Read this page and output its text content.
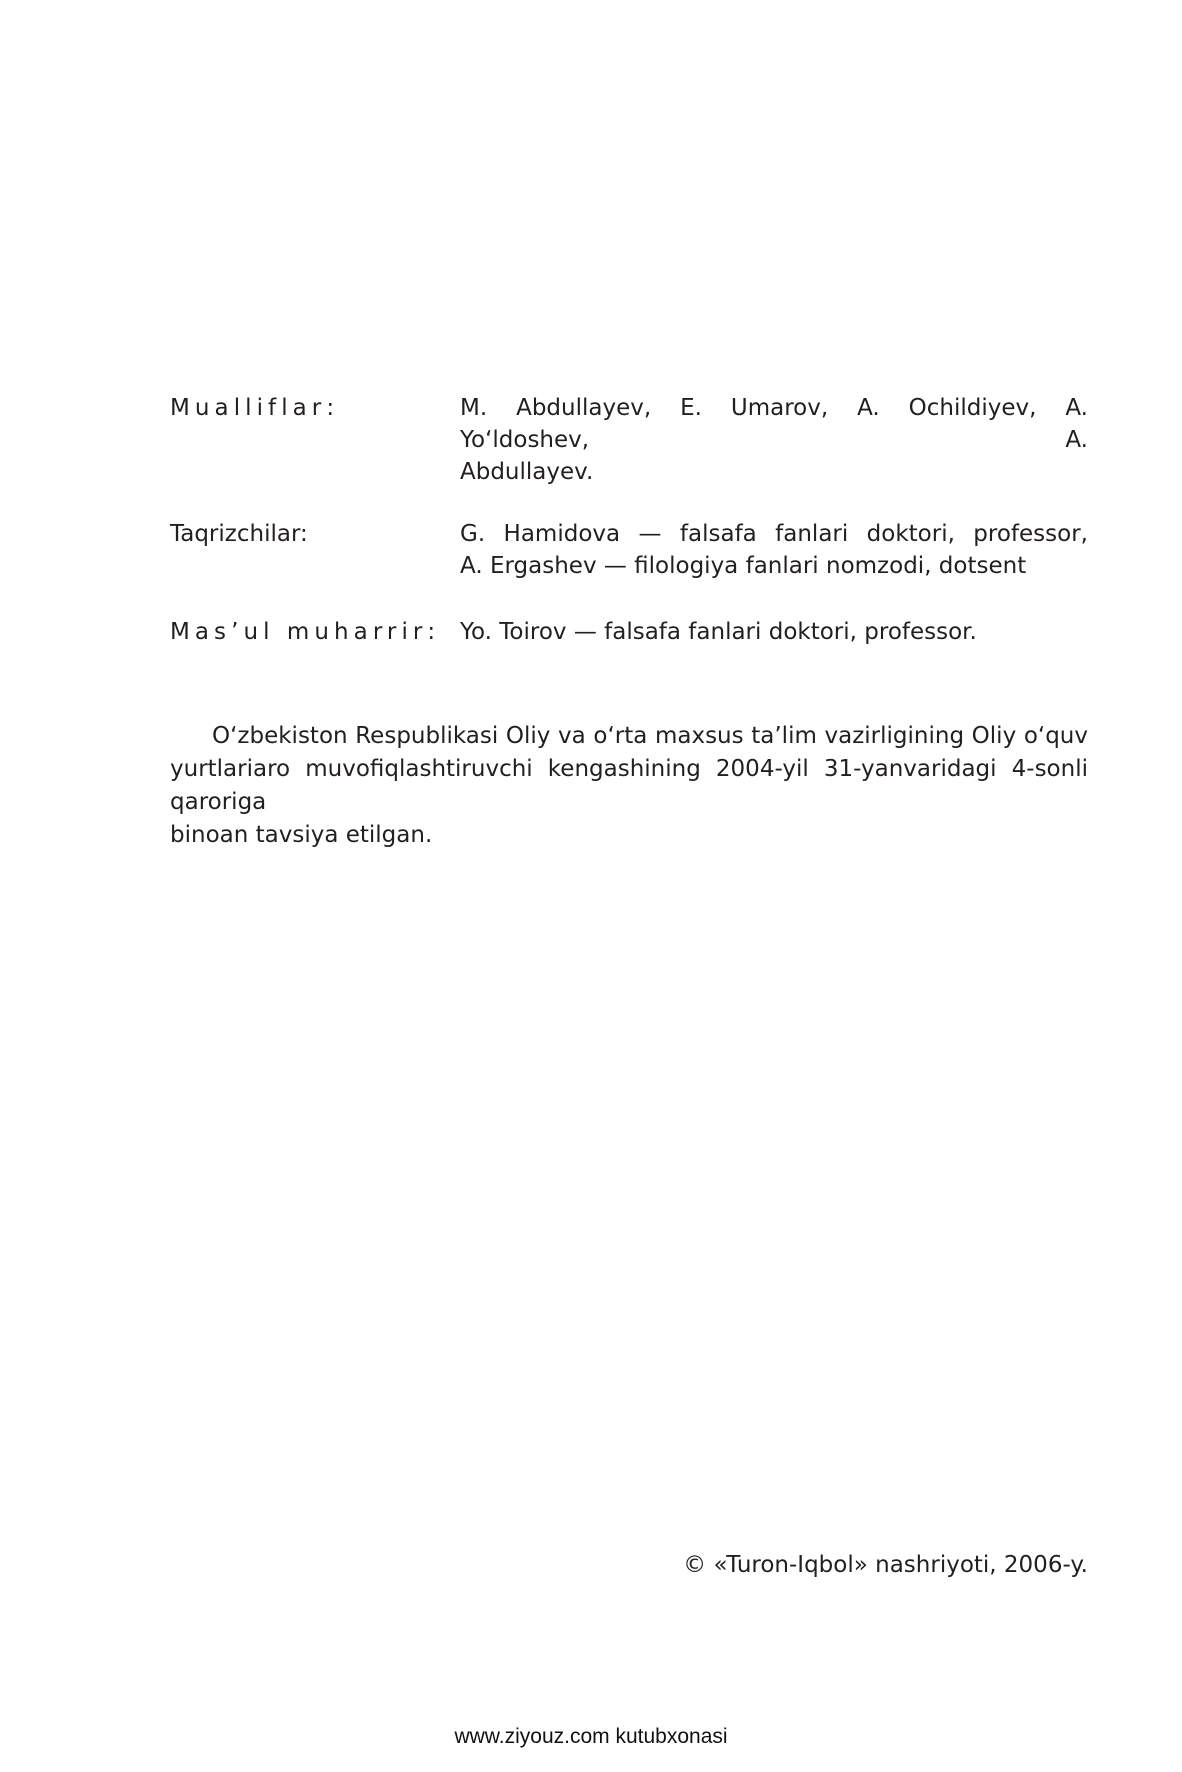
Mualliflar:	M. Abdullayev, E. Umarov, A. Ochildiyev, A. Yo‘ldoshev, A.
Abdullayev.
Taqrizchilar:	G. Hamidova — falsafa fanlari doktori, professor,
A. Ergashev — filologiya fanlari nomzodi, dotsent
Mas’ul muharrir:	Yo. Toirov — falsafa fanlari doktori, professor.
O‘zbekiston Respublikasi Oliy va o‘rta maxsus ta’lim vazirligining Oliy o‘quv
yurtlariaro muvofiqlashtiruvchi kengashining 2004-yil 31-yanvaridagi 4-sonli qaroriga
binoan tavsiya etilgan.
© «Turon-Iqbol» nashriyoti, 2006-y.
www.ziyouz.com kutubxonasi
